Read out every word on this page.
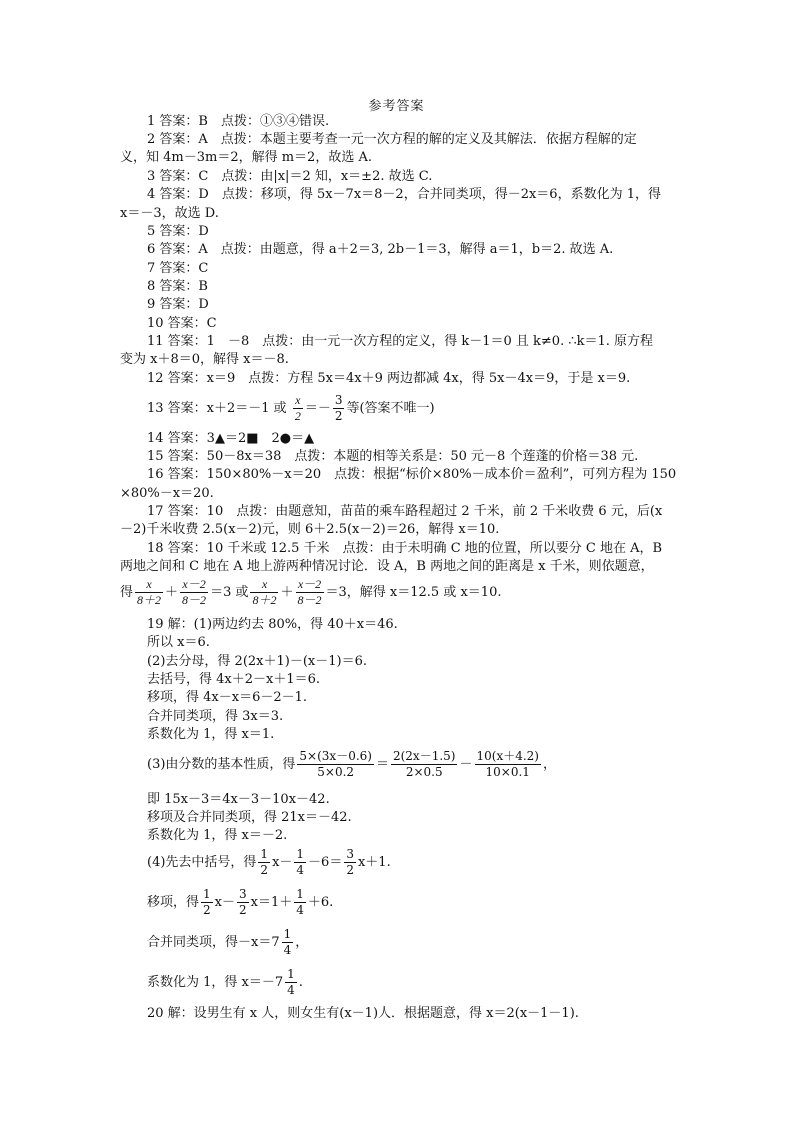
参考答案
1 答案：B　点拨：①③④错误.
2 答案：A　点拨：本题主要考查一元一次方程的解的定义及其解法．依据方程解的定
义，知 4m－3m＝2，解得 m＝2，故选 A.
3 答案：C　点拨：由|x|＝2 知，x＝±2. 故选 C.
4 答案：D　点拨：移项，得 5x－7x＝8－2，合并同类项，得－2x＝6，系数化为 1，得
x＝－3，故选 D.
5 答案：D
6 答案：A　点拨：由题意，得 a＋2＝3, 2b－1＝3，解得 a＝1，b＝2. 故选 A.
7 答案：C
8 答案：B
9 答案：D
10 答案：C
11 答案：1　－8　点拨：由一元一次方程的定义，得 k－1＝0 且 k≠0. ∴k＝1. 原方程
变为 x＋8＝0，解得 x＝－8.
12 答案：x＝9　点拨：方程 5x＝4x＋9 两边都减 4x，得 5x－4x＝9，于是 x＝9.
13 答案：x＋2＝－1 或 $\frac{x}{2} =- \frac{3}{2}$ 等(答案不唯一)
14 答案：3▲＝2■　2●＝▲
15 答案：50－8x＝38　点拨：本题的相等关系是：50 元－8 个莲蓬的价格＝38 元.
16 答案：150×80%－x＝20　点拨：根据“标价×80%－成本价＝盈利”，可列方程为 150
×80%－x＝20.
17 答案：10　点拨：由题意知，苗苗的乘车路程超过 2 千米，前 2 千米收费 6 元，后(x
－2)千米收费 2.5(x－2)元，则 6＋2.5(x－2)＝26，解得 x＝10.
18 答案：10 千米或 12.5 千米　点拨：由于未明确 C 地的位置，所以要分 C 地在 A，B
两地之间和 C 地在 A 地上游两种情况讨论．设 A，B 两地之间的距离是 x 千米，则依题意，
得 $\frac{x}{8+2} + \frac{x-2}{8-2} =3$ 或 $\frac{x}{8+2} + \frac{x-2}{8-2} =3$，解得 x＝12.5 或 x＝10.
19 解：(1)两边约去 80%，得 40＋x＝46.
所以 x＝6.
(2)去分母，得 2(2x＋1)－(x－1)＝6.
去括号，得 4x＋2－x＋1＝6.
移项，得 4x－x＝6－2－1.
合并同类项，得 3x＝3.
系数化为 1，得 x＝1.
(3)由分数的基本性质，得 $\frac{5\times(3x-0.6)}{5\times 0.2} = \frac{2(2x-1.5)}{2\times 0.5} - \frac{10(x+4.2)}{10\times 0.1}$ ，
即 15x－3＝4x－3－10x－42.
移项及合并同类项，得 21x＝－42.
系数化为 1，得 x＝－2.
(4)先去中括号，得 $\frac{1}{2} x- \frac{1}{4} -6= \frac{3}{2} x+1$.
移项，得 $\frac{1}{2} x- \frac{3}{2} x=1+ \frac{1}{4} +6$.
合并同类项，得$-x=7 \frac{1}{4}$ ，
系数化为 1，得 $x=-7 \frac{1}{4}$ .
20 解：设男生有 x 人，则女生有(x－1)人．根据题意，得 x＝2(x－1－1).
